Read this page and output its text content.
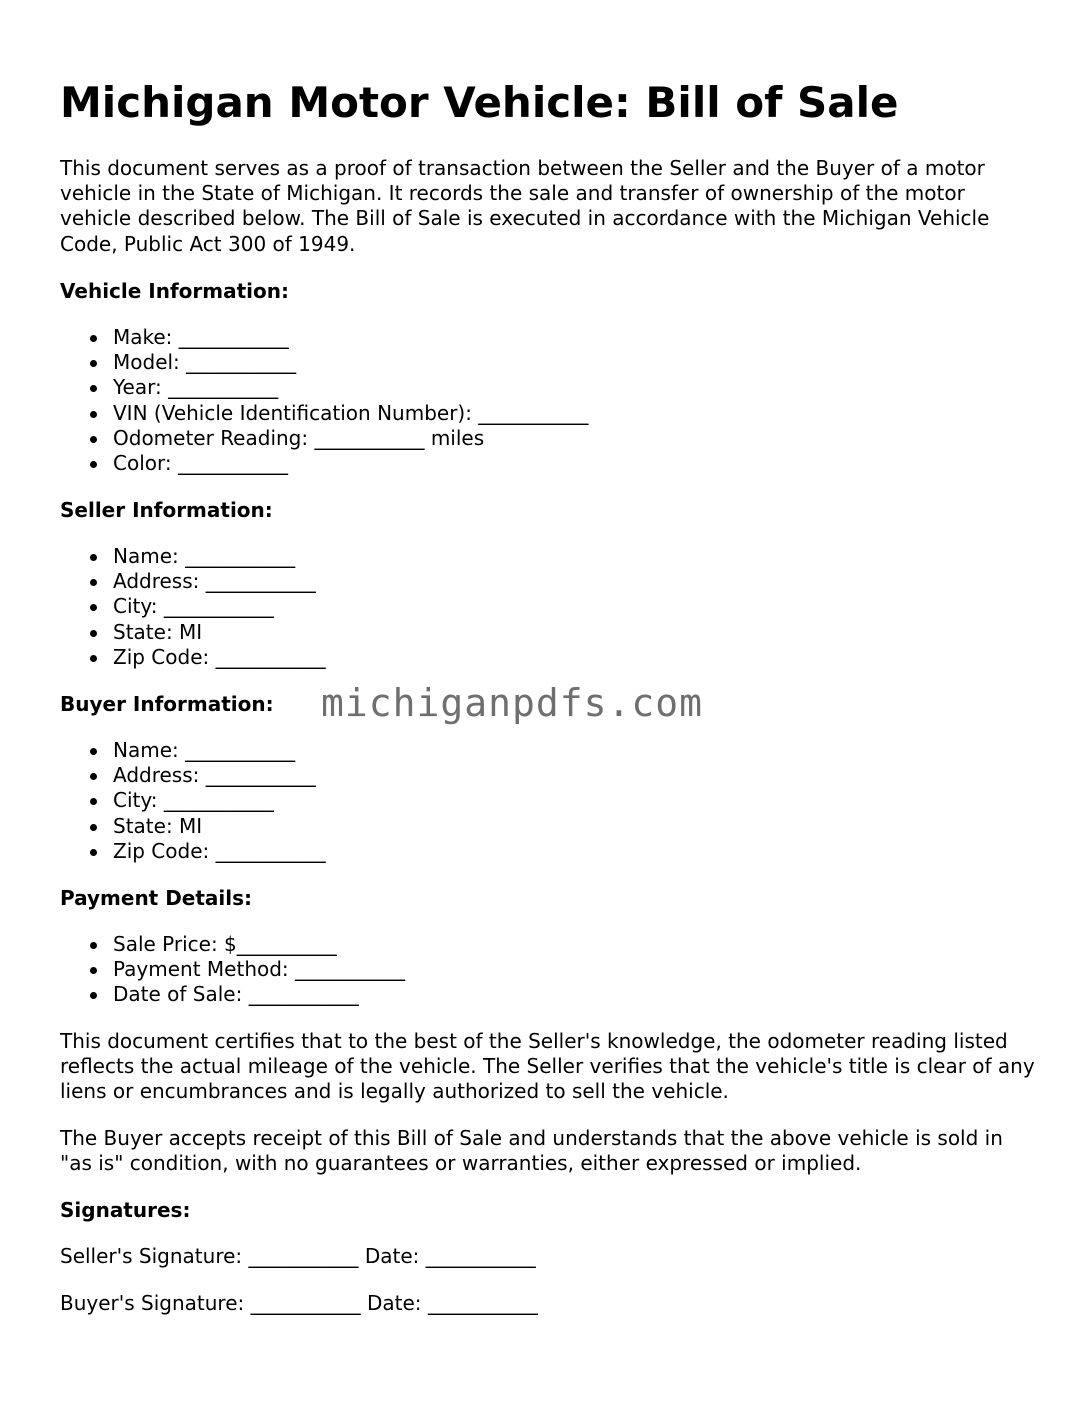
Michigan Motor Vehicle: Bill of Sale

This document serves as a proof of transaction between the Seller and the Buyer of a motor vehicle in the State of Michigan. It records the sale and transfer of ownership of the motor vehicle described below. The Bill of Sale is executed in accordance with the Michigan Vehicle Code, Public Act 300 of 1949.

Vehicle Information:
Make: ___________
Model: ___________
Year: ___________
VIN (Vehicle Identification Number): ___________
Odometer Reading: ___________ miles
Color: ___________
Seller Information:
Name: ___________
Address: ___________
City: ___________
State: MI
Zip Code: ___________
Buyer Information:
Name: ___________
Address: ___________
City: ___________
State: MI
Zip Code: ___________
Payment Details:
Sale Price: $__________
Payment Method: ___________
Date of Sale: ___________

This document certifies that to the best of the Seller's knowledge, the odometer reading listed reflects the actual mileage of the vehicle. The Seller verifies that the vehicle's title is clear of any liens or encumbrances and is legally authorized to sell the vehicle.

The Buyer accepts receipt of this Bill of Sale and understands that the above vehicle is sold in "as is" condition, with no guarantees or warranties, either expressed or implied.

Signatures:
Seller's Signature: ___________ Date: ___________
Buyer's Signature: ___________ Date: ___________
michiganpdfs.com
